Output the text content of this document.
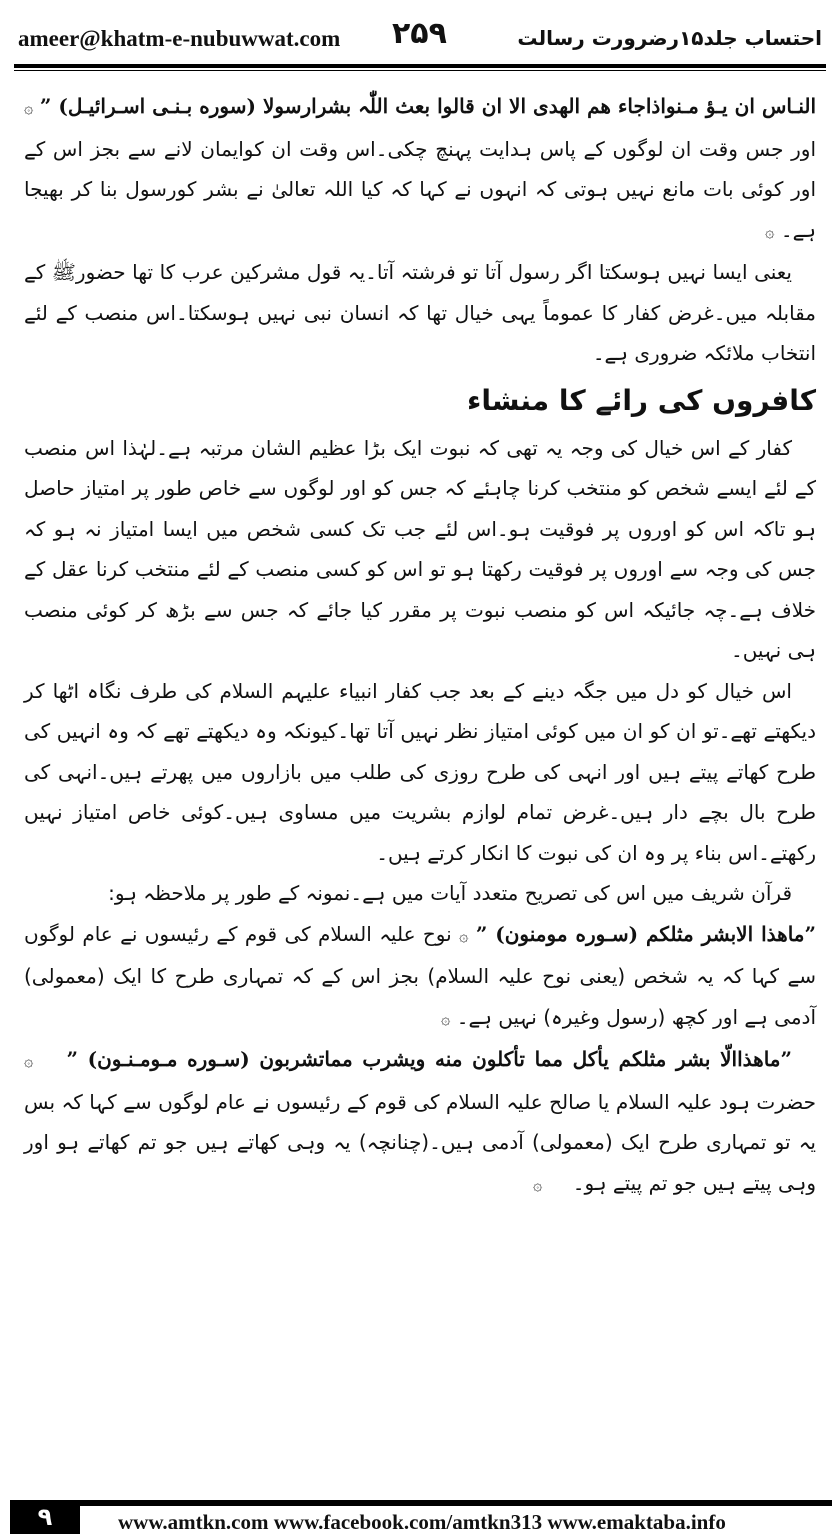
ameer@khatm-e-nubuwwat.com ۲۵۹	احتساب جلد۱۵رضرورت رسالت

النـاس ان يـؤ مـنواذاجاء هم الهدی الا ان قالوا بعث اللّٰہ بشرارسولا (سوره بـنـی اسـرائیـل) ” ۞ اور جس وقت ان لوگوں کے پاس ہدایت پہنچ چکی۔اس وقت ان کوایمان لانے سے بجز اس کے اور کوئی بات مانع نہیں ہوتی کہ انہوں نے کہا کہ کیا اللہ تعالیٰ نے بشر کورسول بنا کر بھیجا ہے۔ ۞

یعنی ایسا نہیں ہوسکتا اگر رسول آتا تو فرشتہ آتا۔یہ قول مشرکین عرب کا تھا حضورﷺ کے مقابلہ میں۔غرض کفار کا عموماً یہی خیال تھا کہ انسان نبی نہیں ہوسکتا۔اس منصب کے لئے انتخاب ملائکہ ضروری ہے۔

کافروں کی رائے کا منشاء

کفار کے اس خیال کی وجہ یہ تھی کہ نبوت ایک بڑا عظیم الشان مرتبہ ہے۔لہٰذا اس منصب کے لئے ایسے شخص کو منتخب کرنا چاہئے کہ جس کو اور لوگوں سے خاص طور پر امتیاز حاصل ہو تاکہ اس کو اوروں پر فوقیت ہو۔اس لئے جب تک کسی شخص میں ایسا امتیاز نہ ہو کہ جس کی وجہ سے اوروں پر فوقیت رکھتا ہو تو اس کو کسی منصب کے لئے منتخب کرنا عقل کے خلاف ہے۔چہ جائیکہ اس کو منصب نبوت پر مقرر کیا جائے کہ جس سے بڑھ کر کوئی منصب ہی نہیں۔

اس خیال کو دل میں جگہ دینے کے بعد جب کفار انبیاء علیہم السلام کی طرف نگاہ اٹھا کر دیکھتے تھے۔تو ان کو ان میں کوئی امتیاز نظر نہیں آتا تھا۔کیونکہ وہ دیکھتے تھے کہ وہ انہیں کی طرح کھاتے پیتے ہیں اور انہی کی طرح روزی کی طلب میں بازاروں میں پھرتے ہیں۔انہی کی طرح بال بچے دار ہیں۔غرض تمام لوازم بشریت میں مساوی ہیں۔کوئی خاص امتیاز نہیں رکھتے۔اس بناء پر وہ ان کی نبوت کا انکار کرتے ہیں۔

قرآن شریف میں اس کی تصریح متعدد آیات میں ہے۔نمونہ کے طور پر ملاحظہ ہو:

”ماهذا الابشر مثلكم (سـوره مومنون) ” ۞ نوح علیہ السلام کی قوم کے رئیسوں نے عام لوگوں سے کہا کہ یہ شخص (یعنی نوح علیہ السلام) بجز اس کے کہ تمہاری طرح کا ایک (معمولی) آدمی ہے اور کچھ (رسول وغیرہ) نہیں ہے۔ ۞

”ماهذاالّا بشر مثلكم يأكل مما تأكلون منه ويشرب مماتشربون (سـوره مـومـنـون) ” ۞ حضرت ہود علیہ السلام یا صالح علیہ السلام کی قوم کے رئیسوں نے عام لوگوں سے کہا کہ بس یہ تو تمہاری طرح ایک (معمولی) آدمی ہیں۔(چنانچہ) یہ وہی کھاتے ہیں جو تم کھاتے ہو اور وہی پیتے ہیں جو تم پیتے ہو۔ ۞

٩	www.amtkn.com www.facebook.com/amtkn313 www.emaktaba.info
